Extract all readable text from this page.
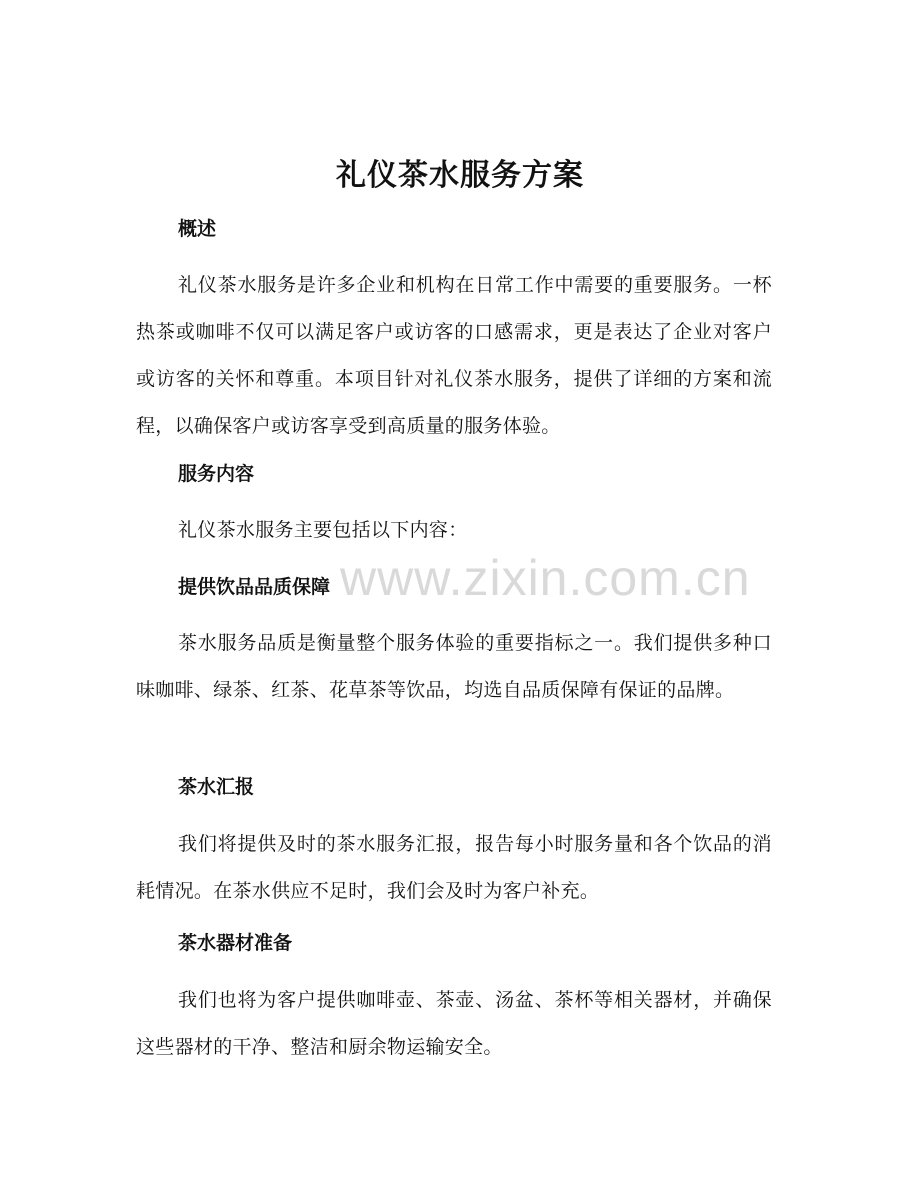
礼仪茶水服务方案
概述
礼仪茶水服务是许多企业和机构在日常工作中需要的重要服务。一杯热茶或咖啡不仅可以满足客户或访客的口感需求，更是表达了企业对客户或访客的关怀和尊重。本项目针对礼仪茶水服务，提供了详细的方案和流程，以确保客户或访客享受到高质量的服务体验。
服务内容
礼仪茶水服务主要包括以下内容：
提供饮品品质保障
茶水服务品质是衡量整个服务体验的重要指标之一。我们提供多种口味咖啡、绿茶、红茶、花草茶等饮品，均选自品质保障有保证的品牌。
茶水汇报
我们将提供及时的茶水服务汇报，报告每小时服务量和各个饮品的消耗情况。在茶水供应不足时，我们会及时为客户补充。
茶水器材准备
我们也将为客户提供咖啡壶、茶壶、汤盆、茶杯等相关器材，并确保这些器材的干净、整洁和厨余物运输安全。
www.zixin.com.cn
